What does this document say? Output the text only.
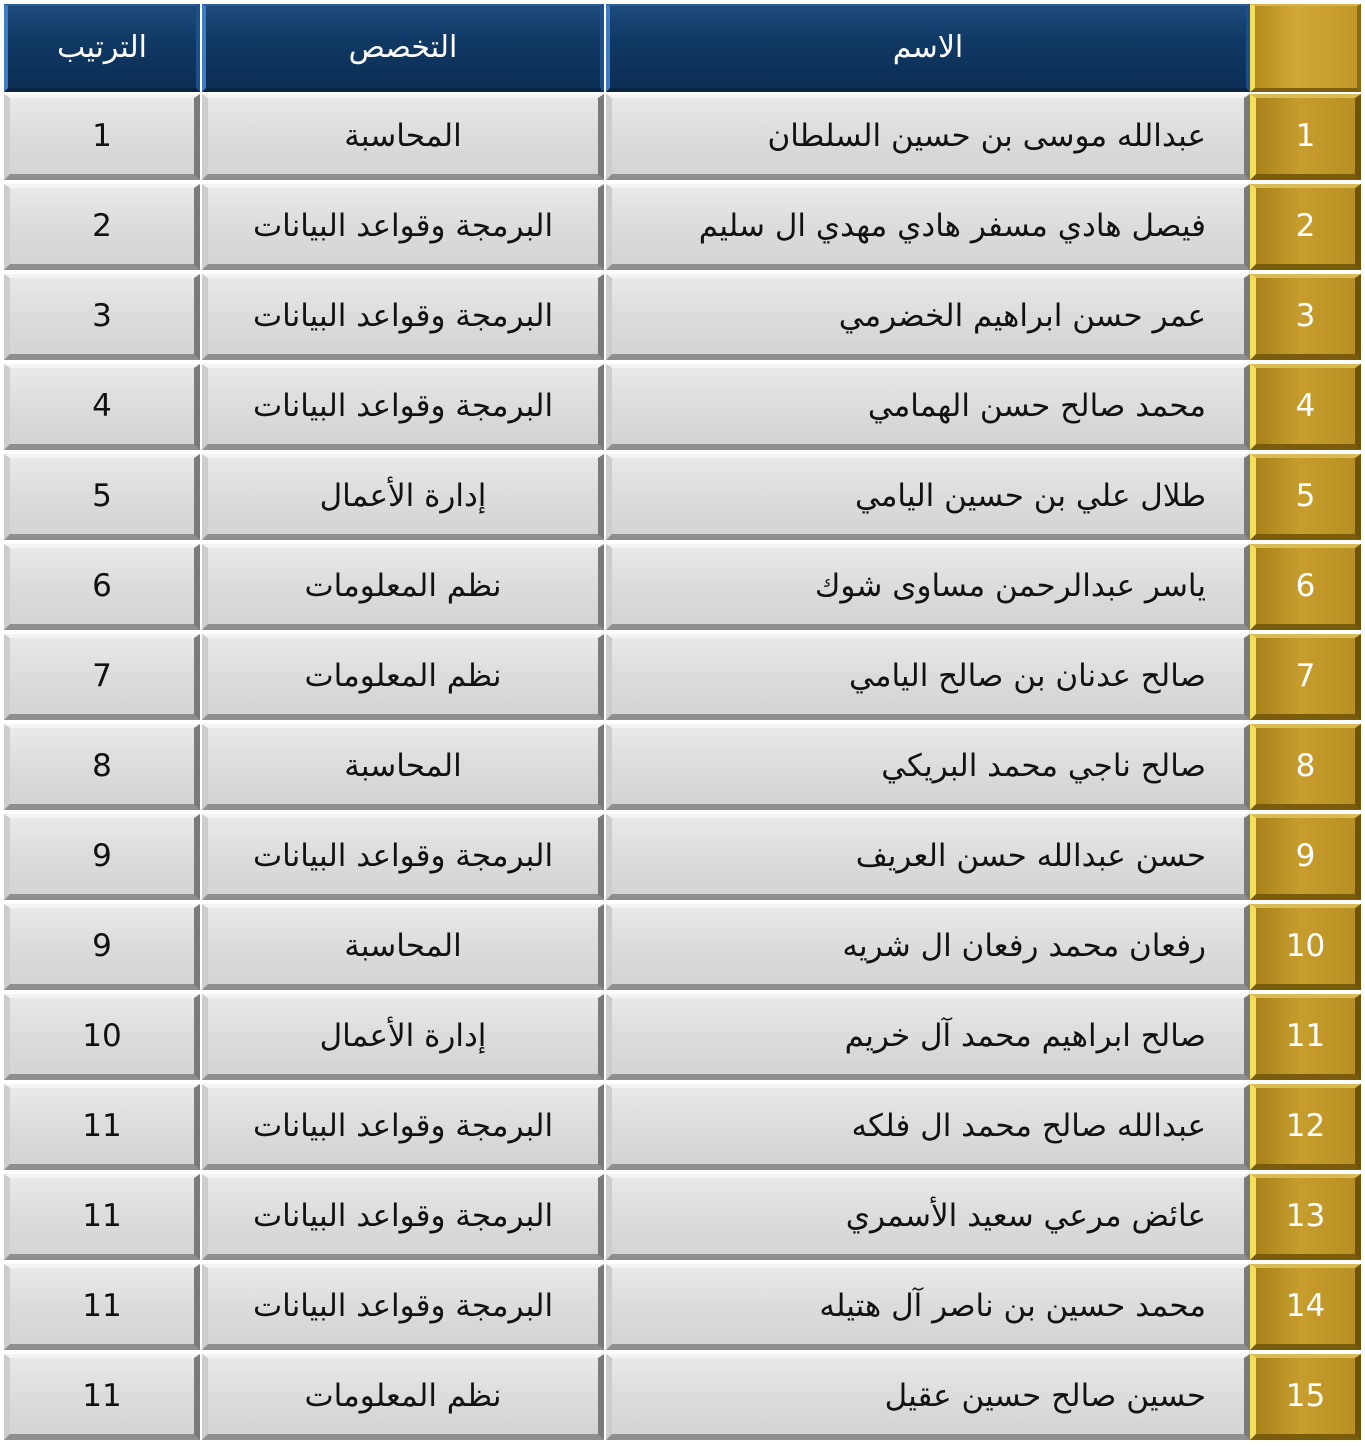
الترتيب	التخصص	الاسم
1	المحاسبة	عبدالله موسى بن حسين السلطان	1
2	البرمجة وقواعد البيانات	فيصل هادي مسفر هادي مهدي ال سليم	2
3	البرمجة وقواعد البيانات	عمر حسن ابراهيم الخضرمي	3
4	البرمجة وقواعد البيانات	محمد صالح حسن الهمامي	4
5	إدارة الأعمال	طلال علي بن حسين اليامي	5
6	نظم المعلومات	ياسر عبدالرحمن مساوى شوك	6
7	نظم المعلومات	صالح عدنان بن صالح اليامي	7
8	المحاسبة	صالح ناجي محمد البريكي	8
9	البرمجة وقواعد البيانات	حسن عبدالله حسن العريف	9
9	المحاسبة	رفعان محمد رفعان ال شريه	10
10	إدارة الأعمال	صالح ابراهيم محمد آل خريم	11
11	البرمجة وقواعد البيانات	عبدالله صالح محمد ال فلكه	12
11	البرمجة وقواعد البيانات	عائض مرعي سعيد الأسمري	13
11	البرمجة وقواعد البيانات	محمد حسين بن ناصر آل هتيله	14
11	نظم المعلومات	حسين صالح حسين عقيل	15
